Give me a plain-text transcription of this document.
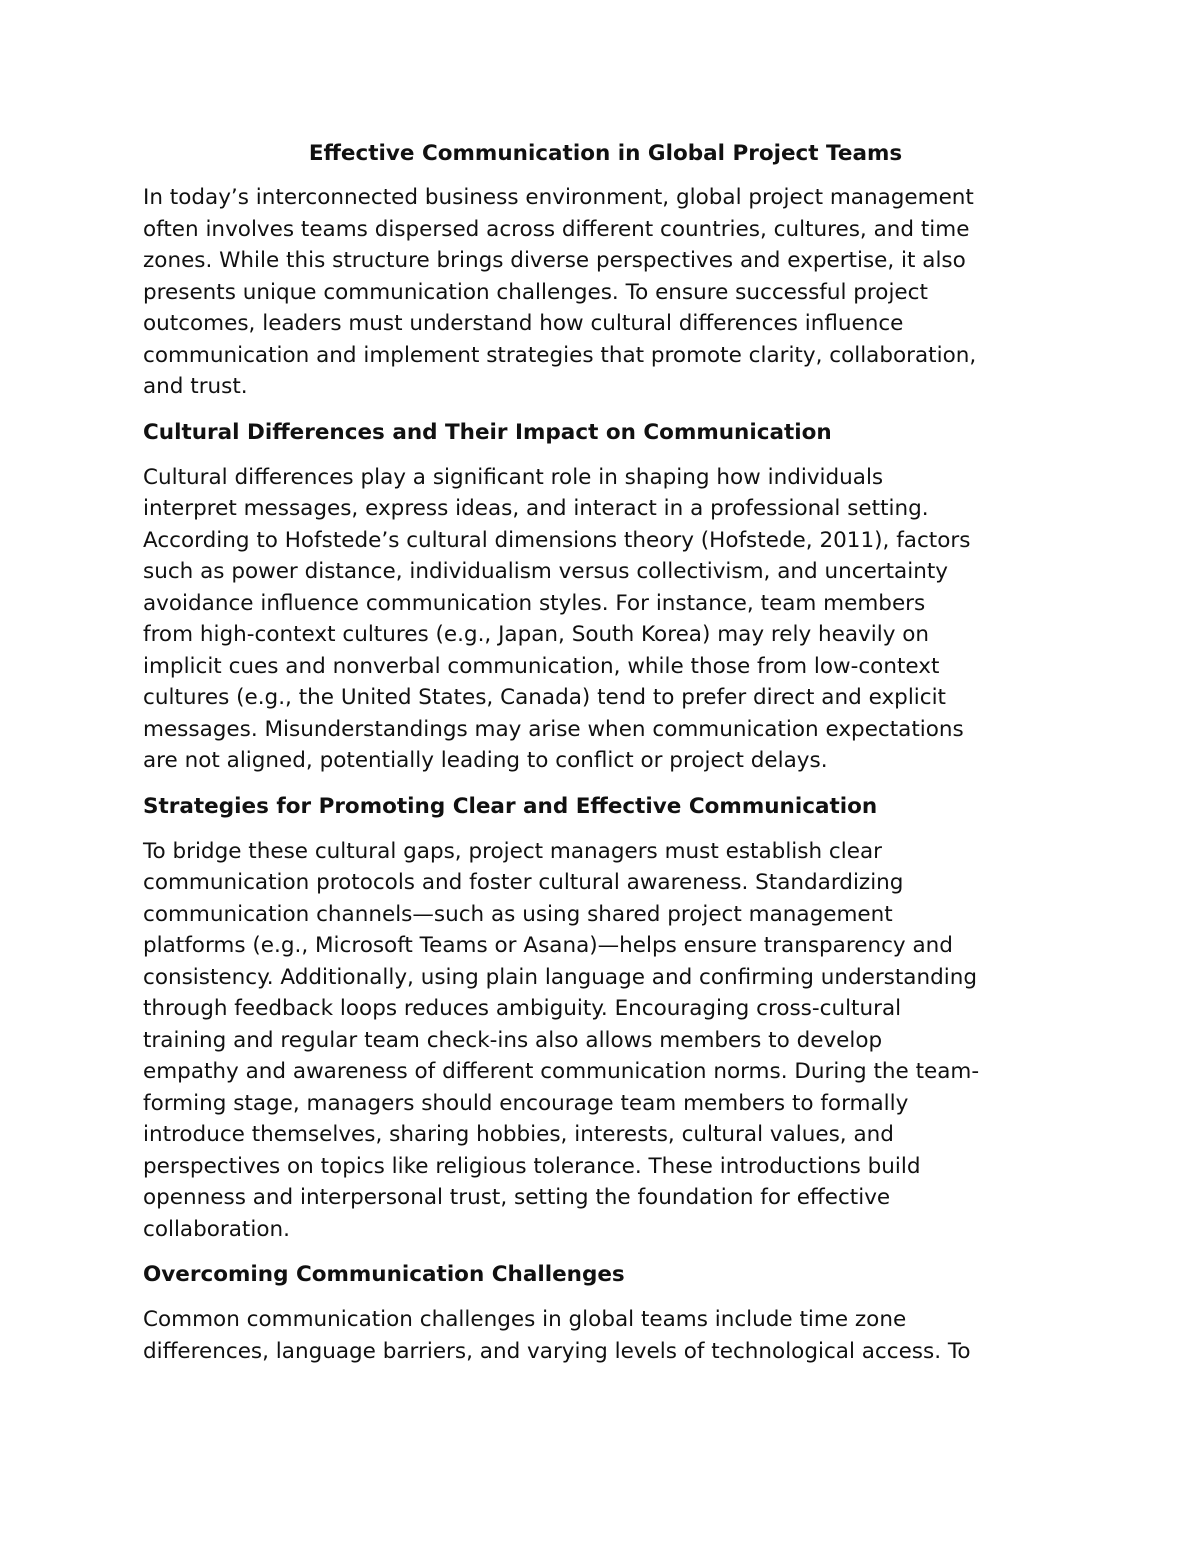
Effective Communication in Global Project Teams
In today’s interconnected business environment, global project management
often involves teams dispersed across different countries, cultures, and time
zones. While this structure brings diverse perspectives and expertise, it also
presents unique communication challenges. To ensure successful project
outcomes, leaders must understand how cultural differences influence
communication and implement strategies that promote clarity, collaboration,
and trust.
Cultural Differences and Their Impact on Communication
Cultural differences play a significant role in shaping how individuals
interpret messages, express ideas, and interact in a professional setting.
According to Hofstede’s cultural dimensions theory (Hofstede, 2011), factors
such as power distance, individualism versus collectivism, and uncertainty
avoidance influence communication styles. For instance, team members
from high-context cultures (e.g., Japan, South Korea) may rely heavily on
implicit cues and nonverbal communication, while those from low-context
cultures (e.g., the United States, Canada) tend to prefer direct and explicit
messages. Misunderstandings may arise when communication expectations
are not aligned, potentially leading to conflict or project delays.
Strategies for Promoting Clear and Effective Communication
To bridge these cultural gaps, project managers must establish clear
communication protocols and foster cultural awareness. Standardizing
communication channels—such as using shared project management
platforms (e.g., Microsoft Teams or Asana)—helps ensure transparency and
consistency. Additionally, using plain language and confirming understanding
through feedback loops reduces ambiguity. Encouraging cross-cultural
training and regular team check-ins also allows members to develop
empathy and awareness of different communication norms. During the team-
forming stage, managers should encourage team members to formally
introduce themselves, sharing hobbies, interests, cultural values, and
perspectives on topics like religious tolerance. These introductions build
openness and interpersonal trust, setting the foundation for effective
collaboration.
Overcoming Communication Challenges
Common communication challenges in global teams include time zone
differences, language barriers, and varying levels of technological access. To
